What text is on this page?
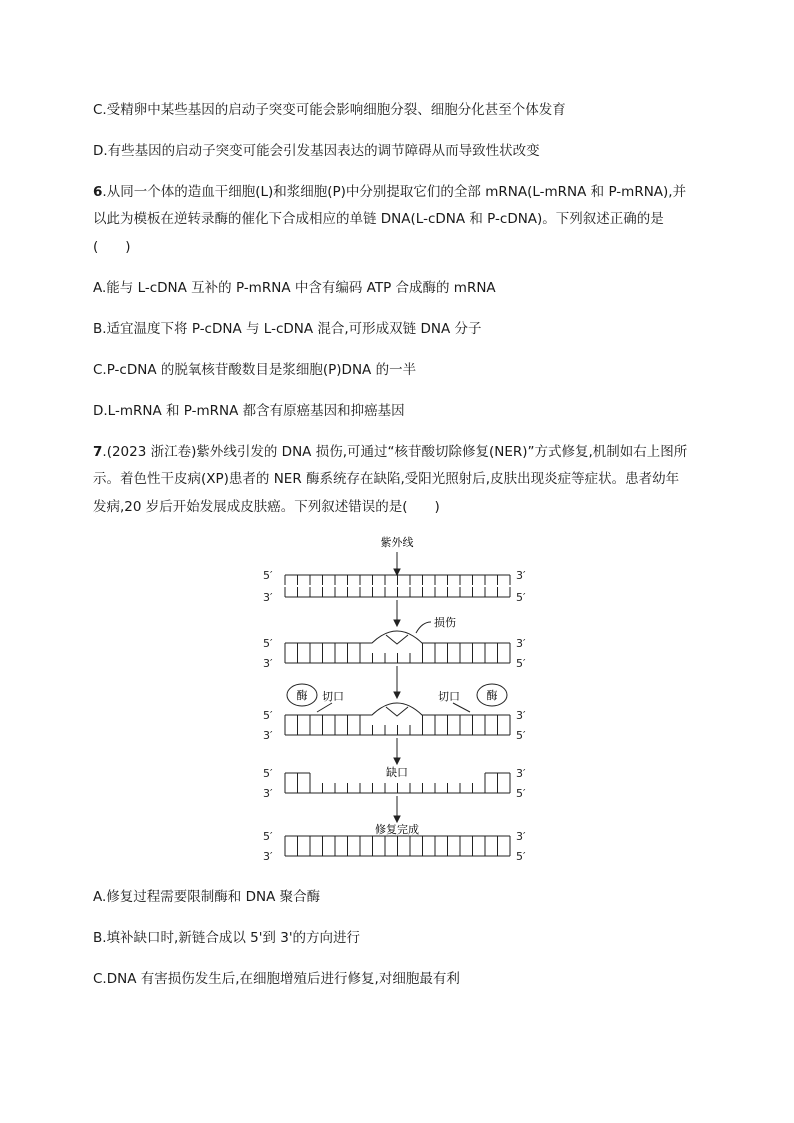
C.受精卵中某些基因的启动子突变可能会影响细胞分裂、细胞分化甚至个体发育
D.有些基因的启动子突变可能会引发基因表达的调节障碍从而导致性状改变
6.从同一个体的造血干细胞(L)和浆细胞(P)中分别提取它们的全部 mRNA(L-mRNA 和 P-mRNA),并
以此为模板在逆转录酶的催化下合成相应的单链 DNA(L-cDNA 和 P-cDNA)。下列叙述正确的是
(　　)
A.能与 L-cDNA 互补的 P-mRNA 中含有编码 ATP 合成酶的 mRNA
B.适宜温度下将 P-cDNA 与 L-cDNA 混合,可形成双链 DNA 分子
C.P-cDNA 的脱氧核苷酸数目是浆细胞(P)DNA 的一半
D.L-mRNA 和 P-mRNA 都含有原癌基因和抑癌基因
7.(2023 浙江卷)紫外线引发的 DNA 损伤,可通过“核苷酸切除修复(NER)”方式修复,机制如右上图所
示。着色性干皮病(XP)患者的 NER 酶系统存在缺陷,受阳光照射后,皮肤出现炎症等症状。患者幼年
发病,20 岁后开始发展成皮肤癌。下列叙述错误的是(　　)
5′	3′
3′	5′
5′	3′
3′	5′
5′	3′
3′	5′
5′	3′
3′	5′
5′	3′
3′	5′
紫外线
损伤
酶 切口	切口 酶
缺口
修复完成
A.修复过程需要限制酶和 DNA 聚合酶
B.填补缺口时,新链合成以 5'到 3'的方向进行
C.DNA 有害损伤发生后,在细胞增殖后进行修复,对细胞最有利
